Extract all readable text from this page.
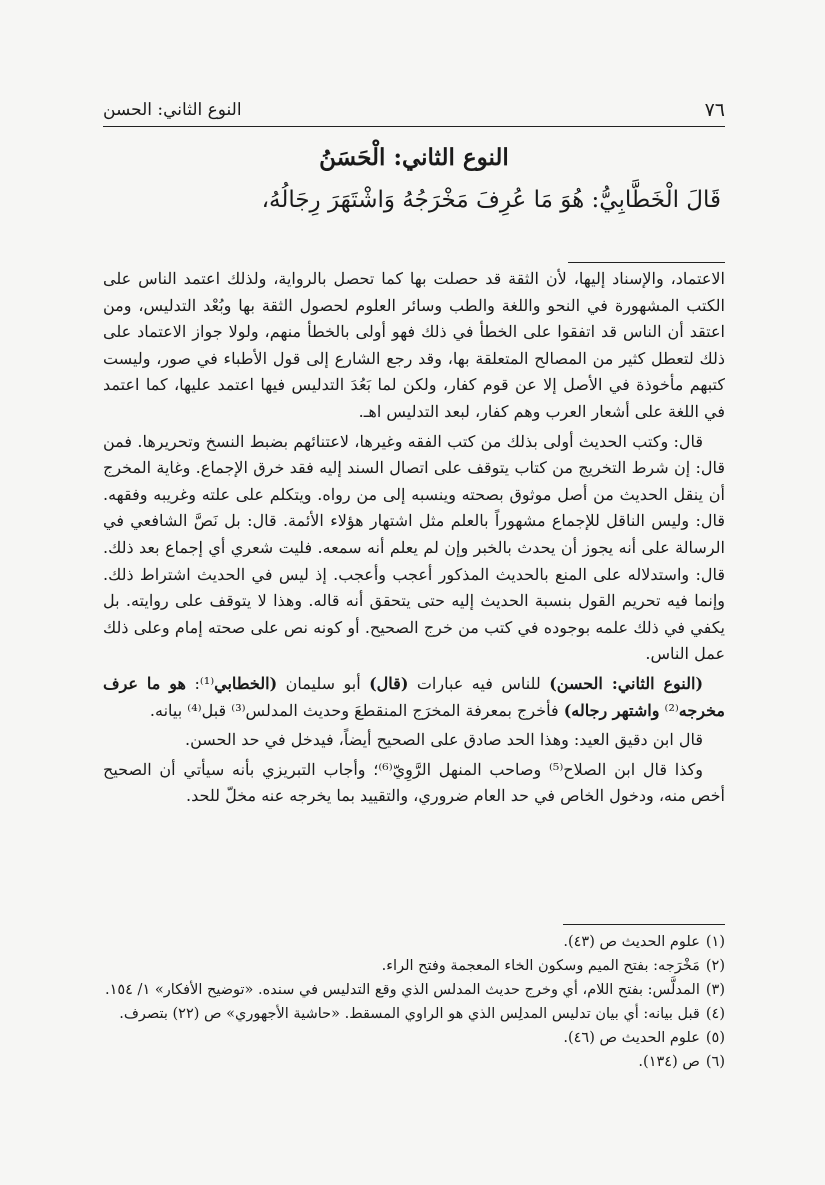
٧٦
النوع الثاني: الحسن
النوع الثاني: الْحَسَنُ
قَالَ الْخَطَّابِيُّ: هُوَ مَا عُرِفَ مَخْرَجُهُ وَاشْتَهَرَ رِجَالُهُ،

الاعتماد، والإسناد إليها، لأن الثقة قد حصلت بها كما تحصل بالرواية، ولذلك اعتمد الناس على الكتب المشهورة في النحو واللغة والطب وسائر العلوم لحصول الثقة بها وبُعْد التدليس، ومن اعتقد أن الناس قد اتفقوا على الخطأ في ذلك فهو أولى بالخطأ منهم، ولولا جواز الاعتماد على ذلك لتعطل كثير من المصالح المتعلقة بها، وقد رجع الشارع إلى قول الأطباء في صور، وليست كتبهم مأخوذة في الأصل إلا عن قوم كفار، ولكن لما بَعُدَ التدليس فيها اعتمد عليها، كما اعتمد في اللغة على أشعار العرب وهم كفار، لبعد التدليس اهـ.

قال: وكتب الحديث أولى بذلك من كتب الفقه وغيرها، لاعتنائهم بضبط النسخ وتحريرها. فمن قال: إن شرط التخريج من كتاب يتوقف على اتصال السند إليه فقد خرق الإجماع. وغاية المخرج أن ينقل الحديث من أصل موثوق بصحته وينسبه إلى من رواه. ويتكلم على علته وغريبه وفقهه. قال: وليس الناقل للإجماع مشهوراً بالعلم مثل اشتهار هؤلاء الأئمة. قال: بل نَصَّ الشافعي في الرسالة على أنه يجوز أن يحدث بالخبر وإن لم يعلم أنه سمعه. فليت شعري أي إجماع بعد ذلك. قال: واستدلاله على المنع بالحديث المذكور أعجب وأعجب. إذ ليس في الحديث اشتراط ذلك. وإنما فيه تحريم القول بنسبة الحديث إليه حتى يتحقق أنه قاله. وهذا لا يتوقف على روايته. بل يكفي في ذلك علمه بوجوده في كتب من خرج الصحيح. أو كونه نص على صحته إمام وعلى ذلك عمل الناس.

(النوع الثاني: الحسن) للناس فيه عبارات (قال) أبو سليمان (الخطابي⁽¹⁾: هو ما عرف مخرجه⁽²⁾ واشتهر رجاله) فأخرج بمعرفة المخرَج المنقطعَ وحديث المدلس⁽³⁾ قبل⁽⁴⁾ بيانه.

قال ابن دقيق العيد: وهذا الحد صادق على الصحيح أيضاً، فيدخل في حد الحسن.

وكذا قال ابن الصلاح⁽⁵⁾ وصاحب المنهل الرَّوِيّ⁽⁶⁾؛ وأجاب التبريزي بأنه سيأتي أن الصحيح أخص منه، ودخول الخاص في حد العام ضروري، والتقييد بما يخرجه عنه مخلّ للحد.

(١)
علوم الحديث ص (٤٣).
(٢)
مَخْرَجه: بفتح الميم وسكون الخاء المعجمة وفتح الراء.
(٣)
المدلَّس: بفتح اللام، أي وخرج حديث المدلس الذي وقع التدليس في سنده. «توضيح الأفكار» ١/ ١٥٤.
(٤)
قبل بيانه: أي بيان تدليس المدلِس الذي هو الراوي المسقط. «حاشية الأجهوري» ص (٢٢) بتصرف.
(٥)
علوم الحديث ص (٤٦).
(٦)
ص (١٣٤).
